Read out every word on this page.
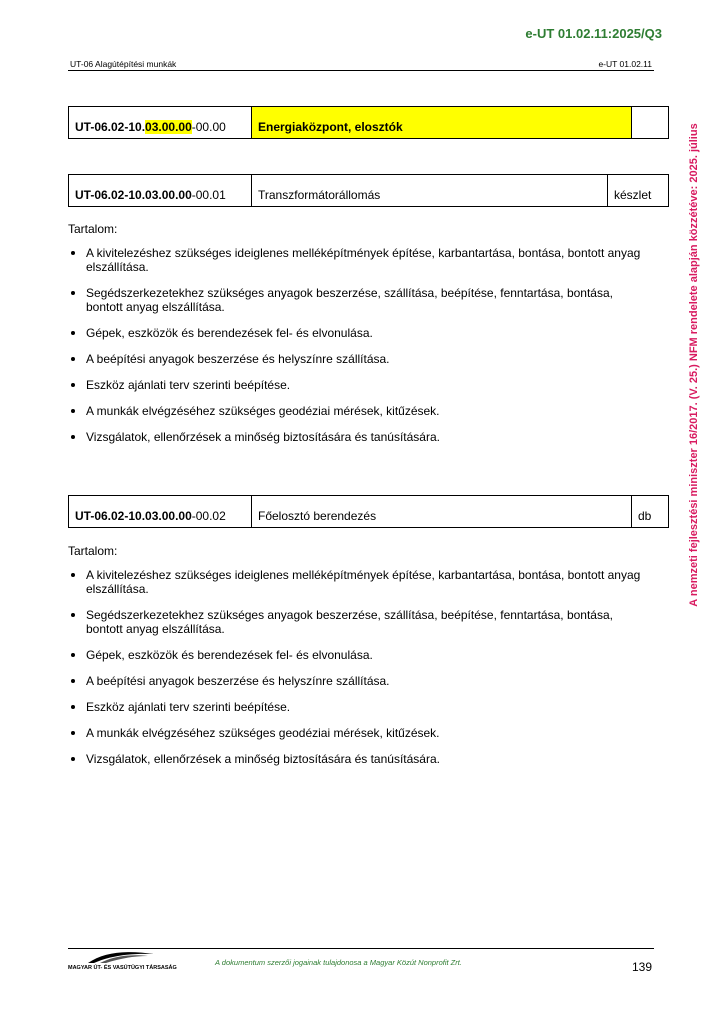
e-UT 01.02.11:2025/Q3
UT-06 Alagútépítési munkák	e-UT 01.02.11
A nemzeti fejlesztési miniszter 16/2017. (V. 25.) NFM rendelete alapján közzétéve: 2025. július
UT-06.02-10.03.00.00-00.00	Energiaközpont, elosztók	
UT-06.02-10.03.00.00-00.01	Transzformátorállomás	készlet

Tartalom:

A kivitelezéshez szükséges ideiglenes melléképítmények építése, karbantartása, bontása, bontott anyag elszállítása.
Segédszerkezetekhez szükséges anyagok beszerzése, szállítása, beépítése, fenntartása, bontása, bontott anyag elszállítása.
Gépek, eszközök és berendezések fel- és elvonulása.
A beépítési anyagok beszerzése és helyszínre szállítása.
Eszköz ajánlati terv szerinti beépítése.
A munkák elvégzéséhez szükséges geodéziai mérések, kitűzések.
Vizsgálatok, ellenőrzések a minőség biztosítására és tanúsítására.
UT-06.02-10.03.00.00-00.02	Főelosztó berendezés	db

Tartalom:

A kivitelezéshez szükséges ideiglenes melléképítmények építése, karbantartása, bontása, bontott anyag elszállítása.
Segédszerkezetekhez szükséges anyagok beszerzése, szállítása, beépítése, fenntartása, bontása, bontott anyag elszállítása.
Gépek, eszközök és berendezések fel- és elvonulása.
A beépítési anyagok beszerzése és helyszínre szállítása.
Eszköz ajánlati terv szerinti beépítése.
A munkák elvégzéséhez szükséges geodéziai mérések, kitűzések.
Vizsgálatok, ellenőrzések a minőség biztosítására és tanúsítására.
MAGYAR ÚT- ÉS VASÚTÜGYI TÁRSASÁG
A dokumentum szerzői jogainak tulajdonosa a Magyar Közút Nonprofit Zrt.	139
